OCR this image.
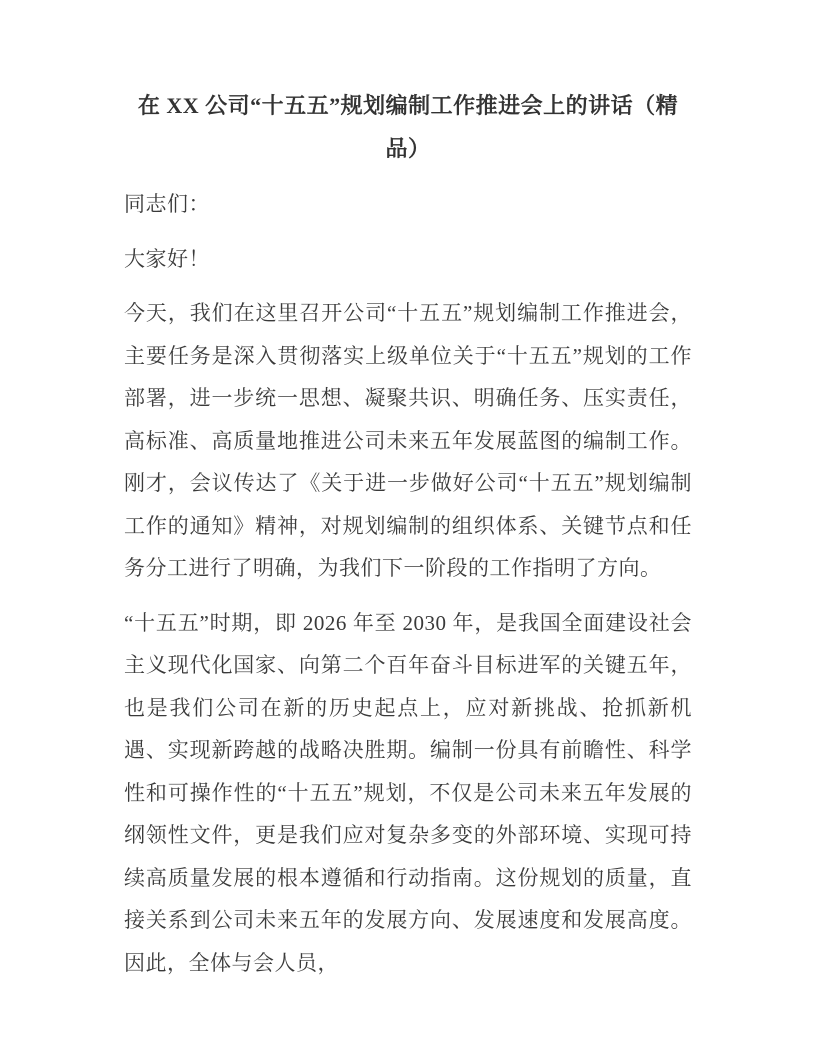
在 XX 公司“十五五”规划编制工作推进会上的讲话（精品）

同志们：

大家好！

今天，我们在这里召开公司“十五五”规划编制工作推进会，主要任务是深入贯彻落实上级单位关于“十五五”规划的工作部署，进一步统一思想、凝聚共识、明确任务、压实责任，高标准、高质量地推进公司未来五年发展蓝图的编制工作。刚才，会议传达了《关于进一步做好公司“十五五”规划编制工作的通知》精神，对规划编制的组织体系、关键节点和任务分工进行了明确，为我们下一阶段的工作指明了方向。

“十五五”时期，即 2026 年至 2030 年，是我国全面建设社会主义现代化国家、向第二个百年奋斗目标进军的关键五年，也是我们公司在新的历史起点上，应对新挑战、抢抓新机遇、实现新跨越的战略决胜期。编制一份具有前瞻性、科学性和可操作性的“十五五”规划，不仅是公司未来五年发展的纲领性文件，更是我们应对复杂多变的外部环境、实现可持续高质量发展的根本遵循和行动指南。这份规划的质量，直接关系到公司未来五年的发展方向、发展速度和发展高度。因此，全体与会人员，
